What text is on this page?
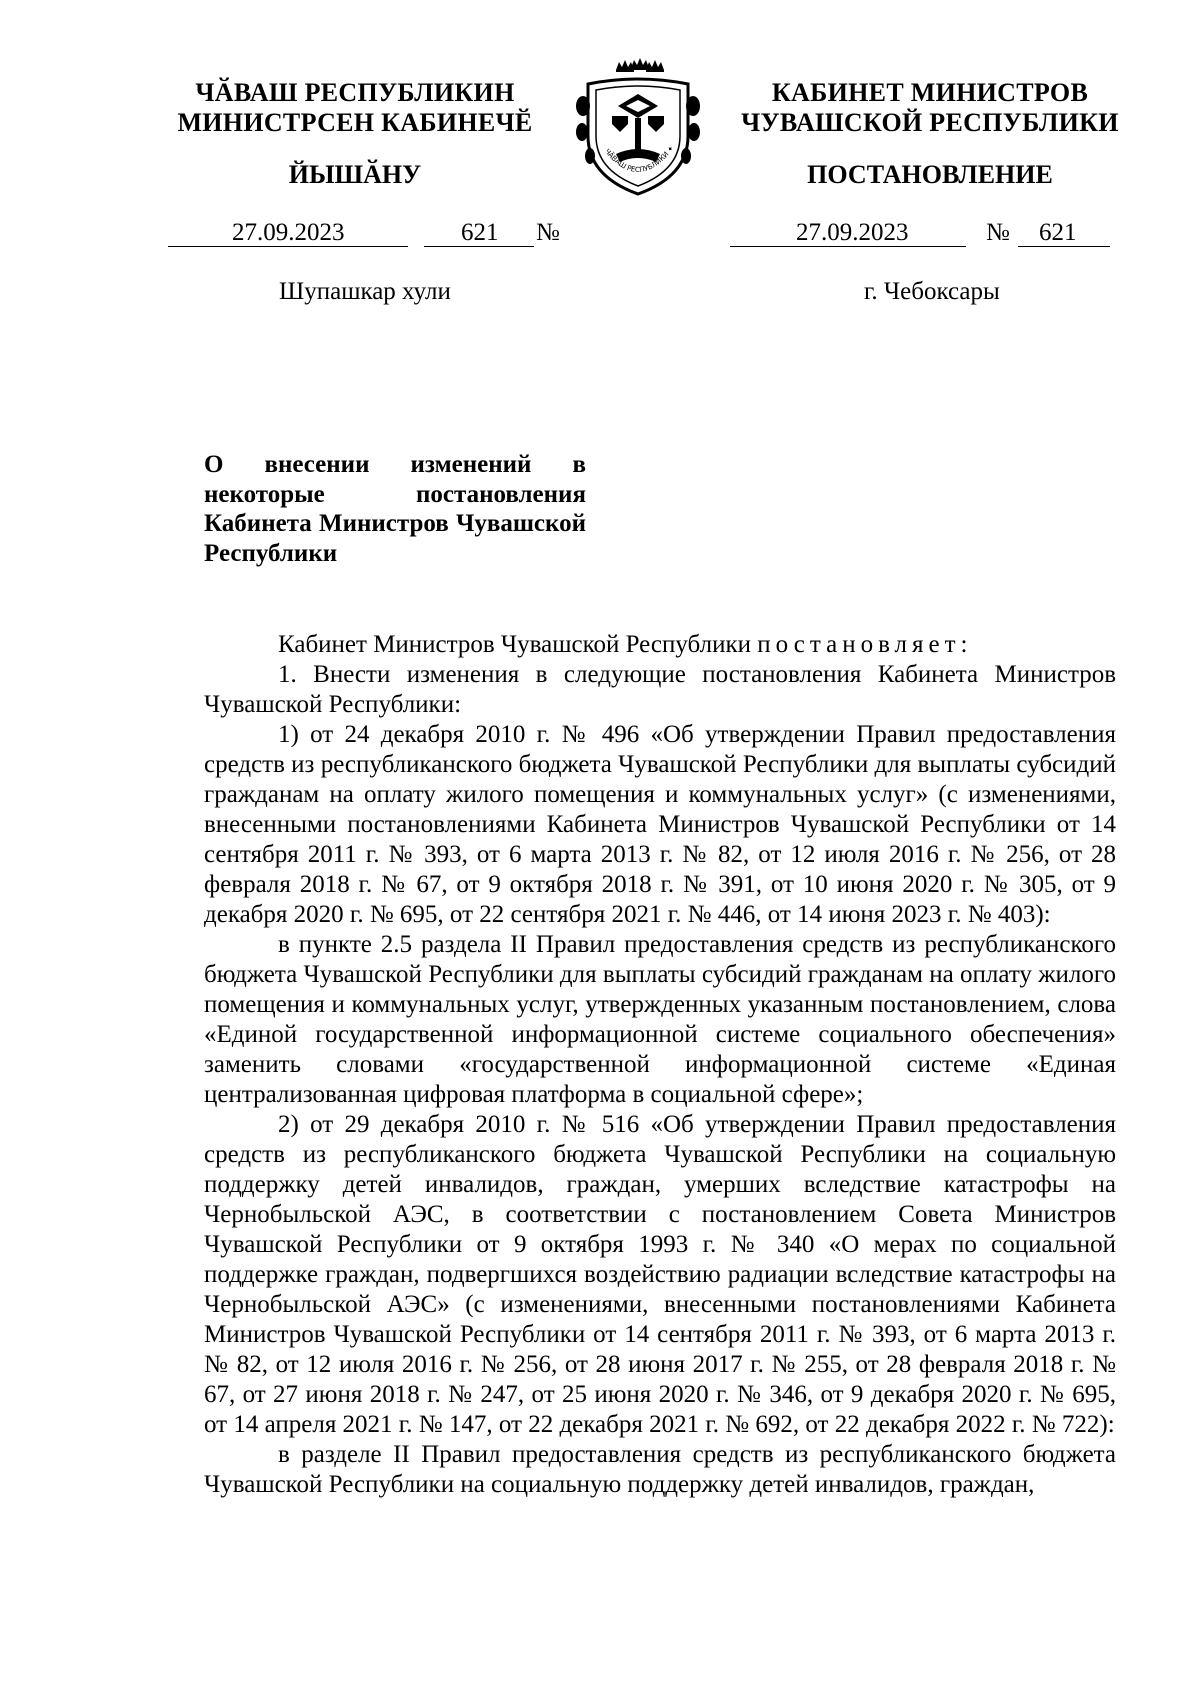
ЧӐВАШ РЕСПУБЛИКИН
МИНИСТРСЕН КАБИНЕЧӖ
ЙЫШӐНУ
ЧĂВАШ РЕСПУБЛИКИ ✦
КАБИНЕТ МИНИСТРОВ
ЧУВАШСКОЙ РЕСПУБЛИКИ
ПОСТАНОВЛЕНИЕ
27.09.2023	621 №	27.09.2023	№ 621
Шупашкар хули	г. Чебоксары
О внесении изменений в некоторые постановления Кабинета Министров Чувашской Республики

Кабинет Министров Чувашской Республики постановляет:

1. Внести изменения в следующие постановления Кабинета Министров Чувашской Республики:

1) от 24 декабря 2010 г. № 496 «Об утверждении Правил предоставления средств из республиканского бюджета Чувашской Республики для выплаты субсидий гражданам на оплату жилого помещения и коммунальных услуг» (с изменениями, внесенными постановлениями Кабинета Министров Чувашской Республики от 14 сентября 2011 г. № 393, от 6 марта 2013 г. № 82, от 12 июля 2016 г. № 256, от 28 февраля 2018 г. № 67, от 9 октября 2018 г. № 391, от 10 июня 2020 г. № 305, от 9 декабря 2020 г. № 695, от 22 сентября 2021 г. № 446, от 14 июня 2023 г. № 403):

в пункте 2.5 раздела II Правил предоставления средств из республиканского бюджета Чувашской Республики для выплаты субсидий гражданам на оплату жилого помещения и коммунальных услуг, утвержденных указанным постановлением, слова «Единой государственной информационной системе социального обеспечения» заменить словами «государственной информационной системе «Единая централизованная цифровая платформа в социальной сфере»;

2) от 29 декабря 2010 г. № 516 «Об утверждении Правил предоставления средств из республиканского бюджета Чувашской Республики на социальную поддержку детей инвалидов, граждан, умерших вследствие катастрофы на Чернобыльской АЭС, в соответствии с постановлением Совета Министров Чувашской Республики от 9 октября 1993 г. № 340 «О мерах по социальной поддержке граждан, подвергшихся воздействию радиации вследствие катастрофы на Чернобыльской АЭС» (с изменениями, внесенными постановлениями Кабинета Министров Чувашской Республики от 14 сентября 2011 г. № 393, от 6 марта 2013 г. № 82, от 12 июля 2016 г. № 256, от 28 июня 2017 г. № 255, от 28 февраля 2018 г. № 67, от 27 июня 2018 г. № 247, от 25 июня 2020 г. № 346, от 9 декабря 2020 г. № 695, от 14 апреля 2021 г. № 147, от 22 декабря 2021 г. № 692, от 22 декабря 2022 г. № 722):

в разделе II Правил предоставления средств из республиканского бюджета Чувашской Республики на социальную поддержку детей инвалидов, граждан,
